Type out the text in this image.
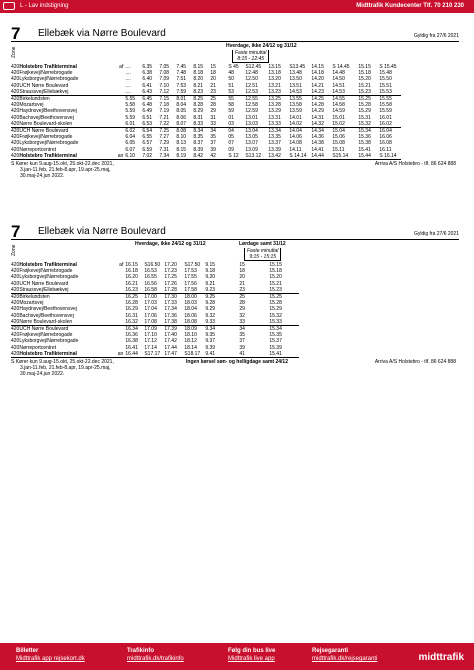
L - Lav indstigning	Midttrafik Kundecenter Tlf. 70 210 230
7 Ellebæk via Nørre Boulevard	Gyldig fra 27/6 2021
Zone
Hverdage, ikke 24/12 og 31/12
Faste minuttal
8:15 - 12:45
420	Holstebro Trafikterminal	af	....	6.35	7.05	7.45	8.15	15	S 45	S12.45	13.15	S13.45	14.15	S 14.45	15.15	S 15.45
420	Frøjkevej/Nørrebrogade		....	6.38	7.08	7.48	8.18	18	48	12.48	13.18	13.48	14.18	14.48	15.18	15.48
420	Lyksborgvej/Nørrebrogade		....	6.40	7.09	7.51	8.20	20	50	12.50	13.20	13.50	14.20	14.50	15.20	15.50
420	UCH Nørre Boulevard		....	6.41	7.10	7.53	8.21	21	51	12.51	13.21	13.51	14.21	14.51	15.21	15.51
420	Straussvej/Ellebækvej		....	6.43	7.12	7.59	8.23	23	53	12.53	13.23	14.53	14.23	14.53	15.23	15.53
420	Birkelundsten		5.55	6.45	7.15	8.01	8.25	25	55	12.55	13.25	13.55	14.25	14.55	15.25	15.55
420	Mozartsvej		5.58	6.48	7.18	8.04	8.28	28	58	12.58	13.28	13.58	14.28	14.58	15.28	15.58
420	Haydnsvej/Beethovensvej		5.59	6.49	7.19	8.05	8.29	29	59	12.59	13.29	13.59	14.29	14.59	15.29	15.59
420	Bachsvej/Beethovensvej		5.59	6.51	7.21	8.06	8.31	31	01	13.01	13.31	14.01	14.31	15.01	15.31	16.01
420	Nørre Boulevard-skolen		6.01	6.53	7.22	8.07	8.33	33	03	13.03	13.33	14.02	14.32	15.02	15.32	16.02
420	UCH Nørre Boulevard		6.02	6.54	7.25	8.08	8.34	34	04	13.04	13.34	14.04	14.34	15.04	15.34	16.04
420	Frøjkevej/Nørrebrogade		6.04	6.55	7.27	8.10	8.35	35	05	13.05	13.35	14.06	14.36	15.06	15.36	16.06
420	Lyksborgvej/Nørrebrogade		6.05	6.57	7.29	8.13	8.37	37	07	13.07	13.37	14.08	14.38	15.08	15.38	16.08
420	Nørreportcentret		6.07	6.59	7.31	8.15	8.39	39	09	13.09	13.39	14.11	14.41	15.11	15.41	16.11
420	Holstebro Trafikterminal	an	6.10	7.02	7.34	8.19	8.42	42	S 12	S13.12	13.42	S 14.14	14.44	S15.14	15.44	S 16.14
S Kører kun 9.aug-15.okt, 25.okt-22.dec 2021,
3.jan-11.feb, 21.feb-8.apr, 19.apr-25.maj,
30.maj-24.jun 2022.
Arriva A/S Holstebro - tlf. 86 624 888
7 Ellebæk via Nørre Boulevard	Gyldig fra 27/6 2021
Zone
Hverdage, ikke 24/12 og 31/12	Lørdage samt 31/12
Faste minuttal
9:15 - 15:15
420	Holstebro Trafikterminal	af	16.15	S16.50	17.20	S17.50	9.15	15	15.15
420	Frøjkevej/Nørrebrogade		16.18	16.53	17.23	17.53	9.18	18	15.18
420	Lyksborgvej/Nørrebrogade		16.20	16.55	17.25	17.55	9.20	20	15.20
420	UCH Nørre Boulevard		16.21	16.56	17.26	17.56	9.21	21	15.21
420	Straussvej/Ellebækvej		16.23	16.58	17.28	17.58	9.23	23	15.23
420	Birkelundsten		16.25	17.00	17.30	18.00	9.25	25	15.25
420	Mozartsvej		16.28	17.03	17.33	18.03	9.28	28	15.28
420	Haydnsvej/Beethovensvej		16.29	17.04	17.34	18.04	9.29	29	15.29
420	Bachsvej/Beethovensvej		16.31	17.06	17.36	18.06	9.32	32	15.32
420	Nørre Boulevard-skolen		16.32	17.08	17.38	18.08	9.33	33	15.33
420	UCH Nørre Boulevard		16.34	17.09	17.39	18.09	9.34	34	15.34
420	Frøjkevej/Nørrebrogade		16.36	17.10	17.40	18.10	9.35	35	15.35
420	Lyksborgvej/Nørrebrogade		16.38	17.12	17.42	18.12	9.37	37	15.37
420	Nørreportcentret		16.41	17.14	17.44	18.14	9.39	39	15.39
420	Holstebro Trafikterminal	an	16.44	S17.17	17.47	S18.17	9.41	41	15.41
S Kører kun 9.aug-15.okt, 25.okt-22.dec 2021,
3.jan-11.feb, 21.feb-8.apr, 19.apr-25.maj,
30.maj-24.jun 2022.
Ingen kørsel søn- og helligdage samt 24/12	Arriva A/S Holstebro - tlf. 86 624 888
Billetter
Midttrafik app rejsekort.dk
Trafikinfo
midttrafik.dk/trafikinfo
Følg din bus live
Midttrafik live app
Rejsegaranti
midttrafik.dk/rejsegaranti	midttrafik
